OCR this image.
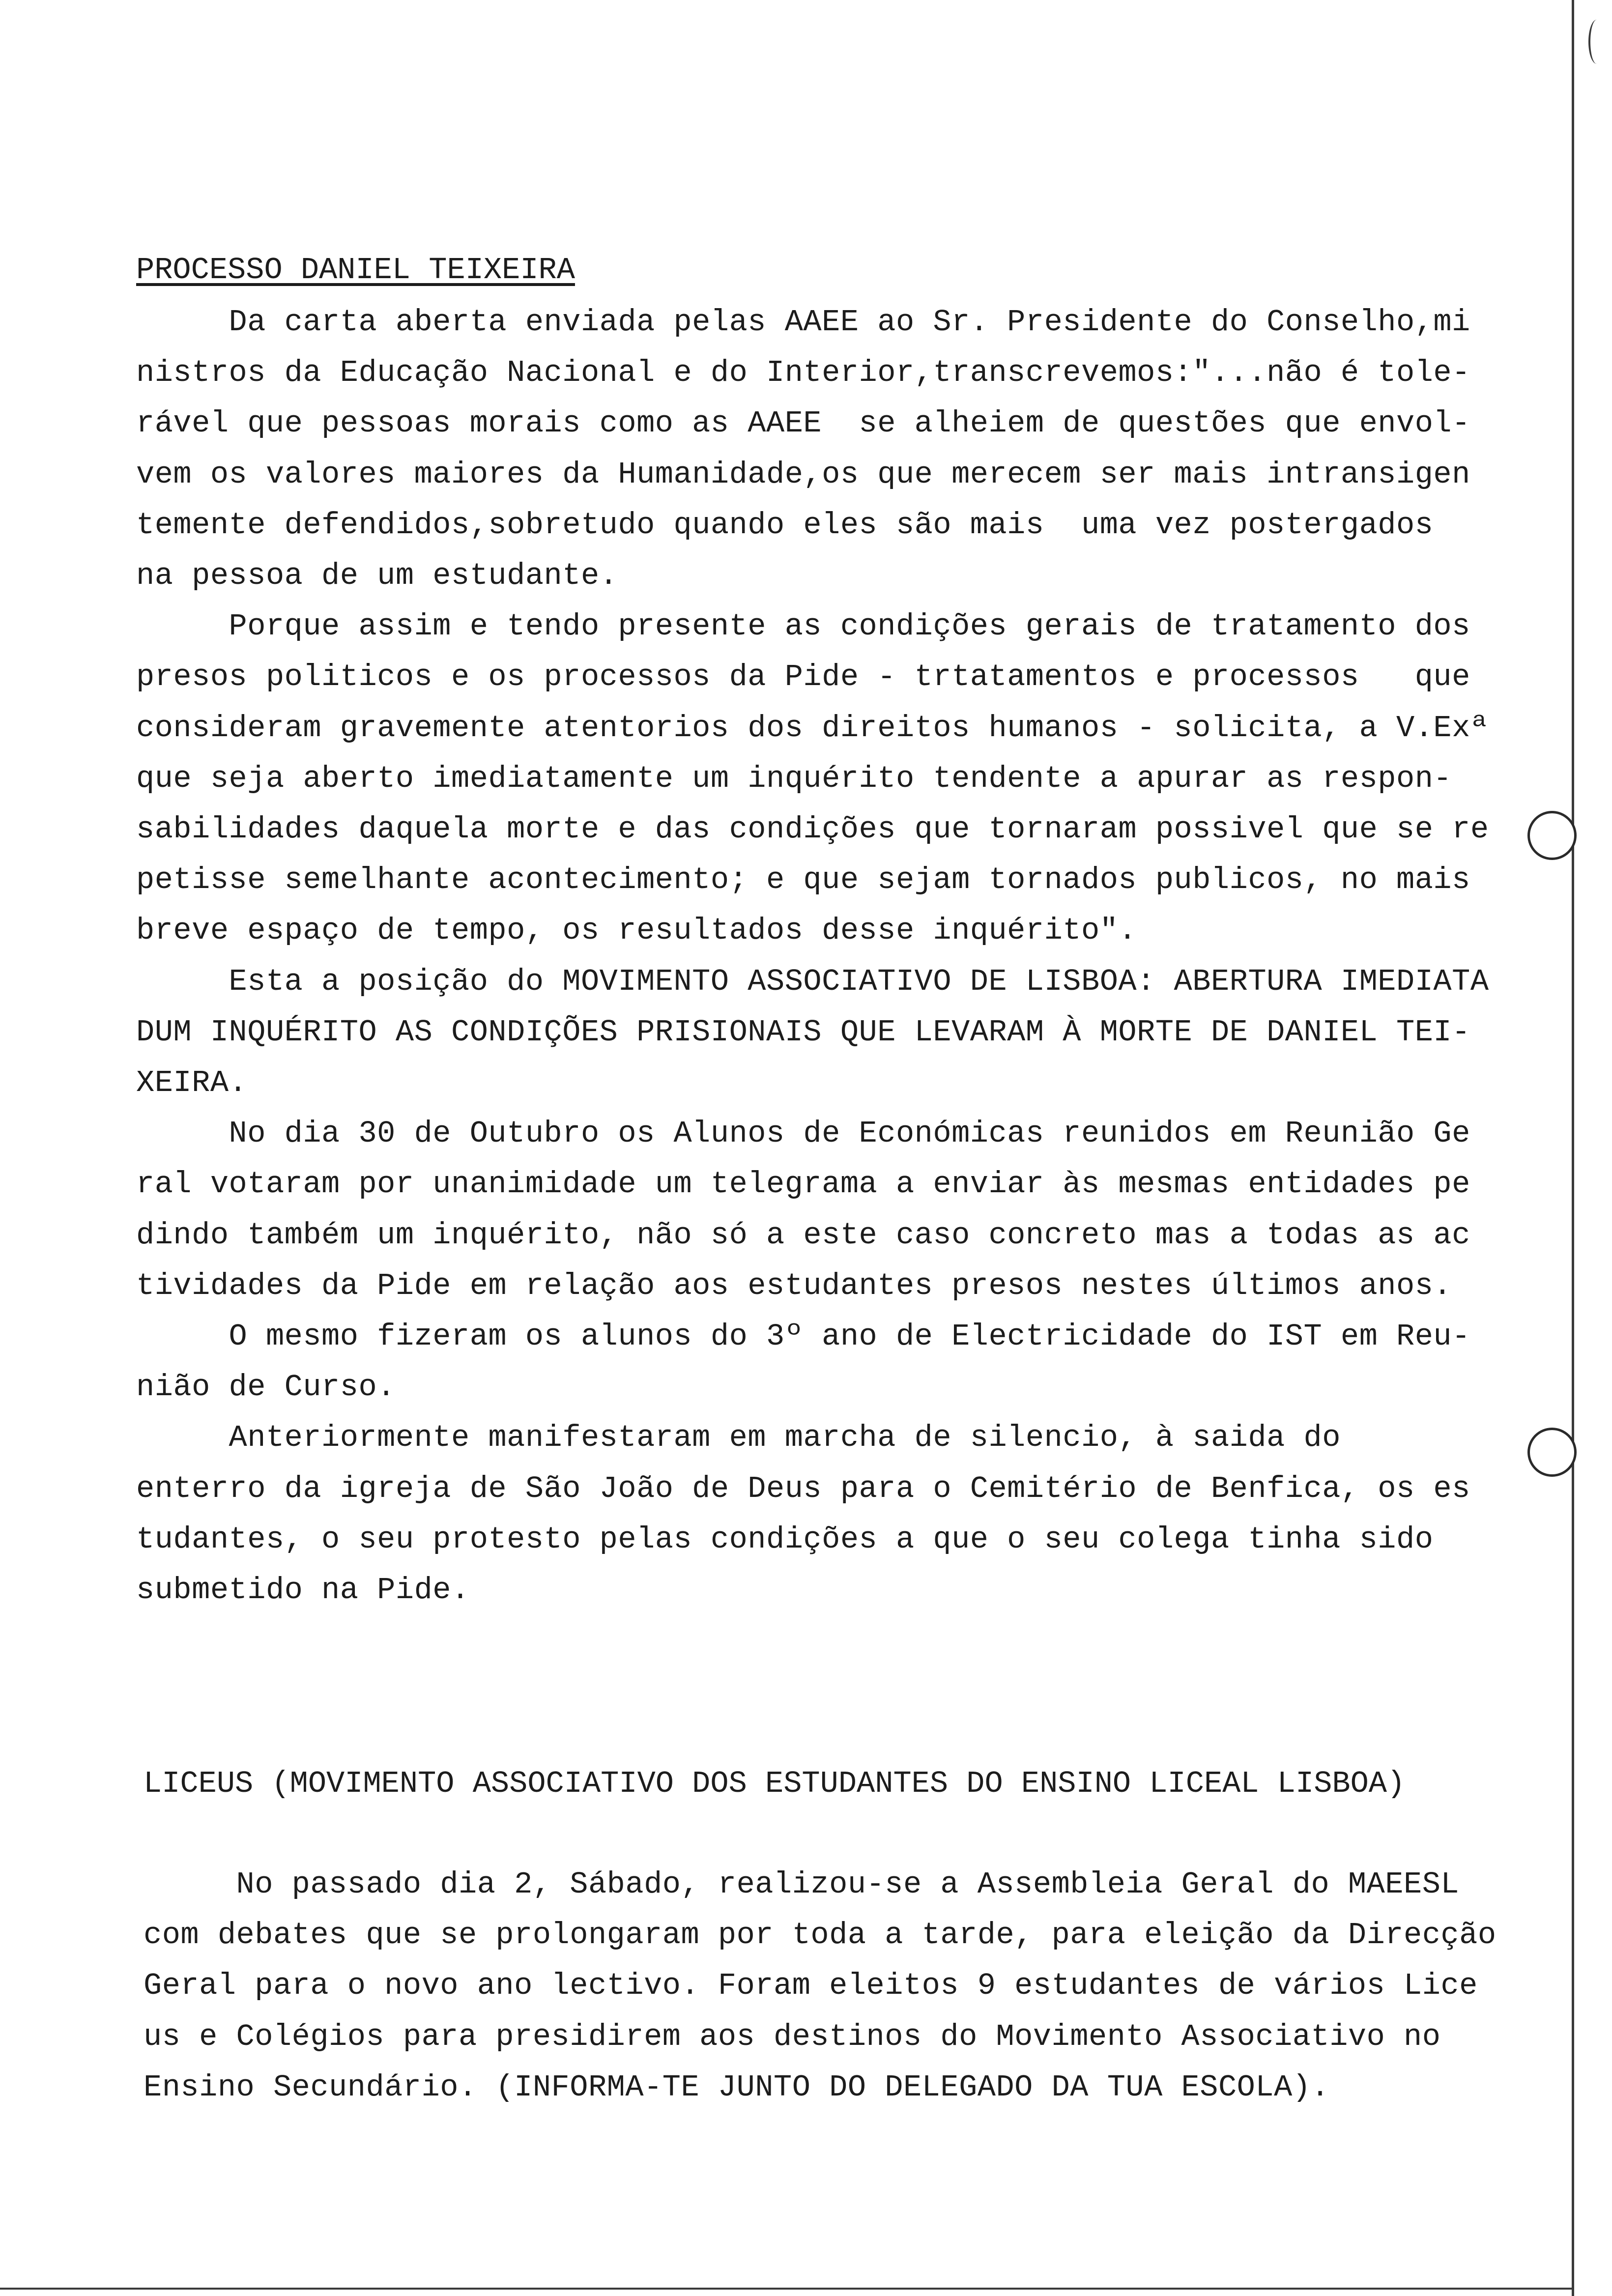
PROCESSO DANIEL TEIXEIRA
Da carta aberta enviada pelas AAEE ao Sr. Presidente do Conselho,mi
nistros da Educação Nacional e do Interior,transcrevemos:"...não é tole-
rável que pessoas morais como as AAEE  se alheiem de questões que envol-
vem os valores maiores da Humanidade,os que merecem ser mais intransigen
temente defendidos,sobretudo quando eles são mais  uma vez postergados
na pessoa de um estudante.
Porque assim e tendo presente as condições gerais de tratamento dos
presos politicos e os processos da Pide - trtatamentos e processos   que
consideram gravemente atentorios dos direitos humanos - solicita, a V.Exª
que seja aberto imediatamente um inquérito tendente a apurar as respon-
sabilidades daquela morte e das condições que tornaram possivel que se re
petisse semelhante acontecimento; e que sejam tornados publicos, no mais
breve espaço de tempo, os resultados desse inquérito".
Esta a posição do MOVIMENTO ASSOCIATIVO DE LISBOA: ABERTURA IMEDIATA
DUM INQUÉRITO AS CONDIÇÕES PRISIONAIS QUE LEVARAM À MORTE DE DANIEL TEI-
XEIRA.
No dia 30 de Outubro os Alunos de Económicas reunidos em Reunião Ge
ral votaram por unanimidade um telegrama a enviar às mesmas entidades pe
dindo também um inquérito, não só a este caso concreto mas a todas as ac
tividades da Pide em relação aos estudantes presos nestes últimos anos.
O mesmo fizeram os alunos do 3º ano de Electricidade do IST em Reu-
nião de Curso.
Anteriormente manifestaram em marcha de silencio, à saida do
enterro da igreja de São João de Deus para o Cemitério de Benfica, os es
tudantes, o seu protesto pelas condições a que o seu colega tinha sido
submetido na Pide.
LICEUS (MOVIMENTO ASSOCIATIVO DOS ESTUDANTES DO ENSINO LICEAL LISBOA)
No passado dia 2, Sábado, realizou-se a Assembleia Geral do MAEESL
com debates que se prolongaram por toda a tarde, para eleição da Direcção
Geral para o novo ano lectivo. Foram eleitos 9 estudantes de vários Lice
us e Colégios para presidirem aos destinos do Movimento Associativo no
Ensino Secundário. (INFORMA-TE JUNTO DO DELEGADO DA TUA ESCOLA).
